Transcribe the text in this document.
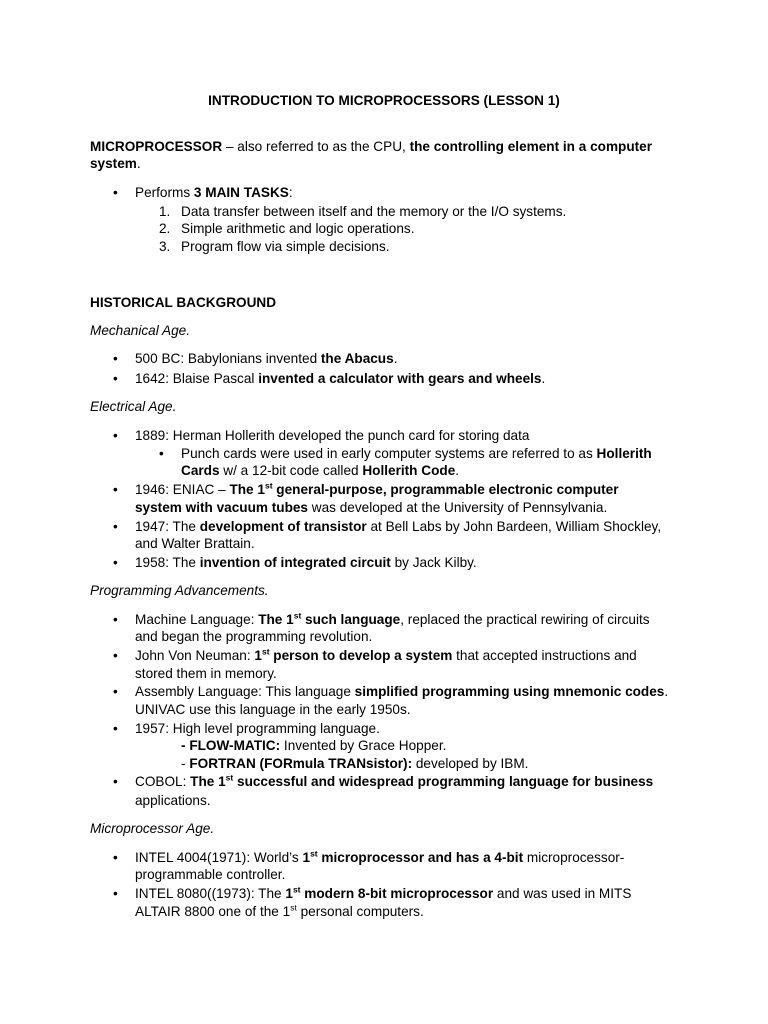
INTRODUCTION TO MICROPROCESSORS (LESSON 1)
MICROPROCESSOR – also referred to as the CPU, the controlling element in a computer
system.
• Performs 3 MAIN TASKS:
1. Data transfer between itself and the memory or the I/O systems.
2. Simple arithmetic and logic operations.
3. Program flow via simple decisions.
HISTORICAL BACKGROUND
Mechanical Age.
• 500 BC: Babylonians invented the Abacus.
• 1642: Blaise Pascal invented a calculator with gears and wheels.
Electrical Age.
• 1889: Herman Hollerith developed the punch card for storing data
• Punch cards were used in early computer systems are referred to as Hollerith
Cards w/ a 12-bit code called Hollerith Code.
• 1946: ENIAC – The 1st general-purpose, programmable electronic computer
system with vacuum tubes was developed at the University of Pennsylvania.
• 1947: The development of transistor at Bell Labs by John Bardeen, William Shockley,
and Walter Brattain.
• 1958: The invention of integrated circuit by Jack Kilby.
Programming Advancements.
• Machine Language: The 1st such language, replaced the practical rewiring of circuits
and began the programming revolution.
• John Von Neuman: 1st person to develop a system that accepted instructions and
stored them in memory.
• Assembly Language: This language simplified programming using mnemonic codes.
UNIVAC use this language in the early 1950s.
• 1957: High level programming language.
- FLOW-MATIC: Invented by Grace Hopper.
- FORTRAN (FORmula TRANsistor): developed by IBM.
• COBOL: The 1st successful and widespread programming language for business
applications.
Microprocessor Age.
• INTEL 4004(1971): World’s 1st microprocessor and has a 4-bit microprocessor-
programmable controller.
• INTEL 8080((1973): The 1st modern 8-bit microprocessor and was used in MITS
ALTAIR 8800 one of the 1st personal computers.
